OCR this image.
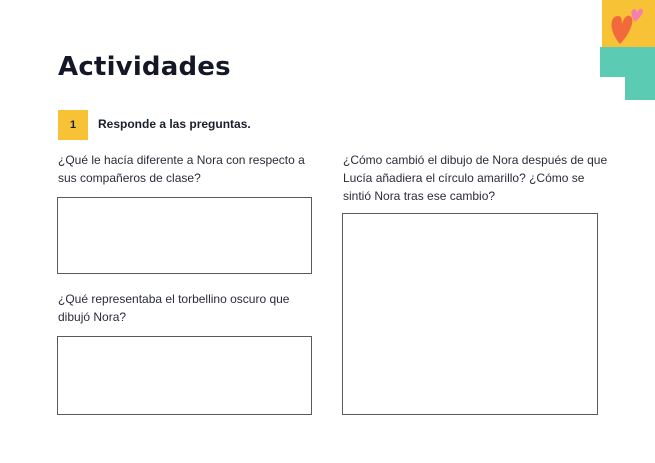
Actividades
1 Responde a las preguntas.
¿Qué le hacía diferente a Nora con respecto a
sus compañeros de clase?
¿Qué representaba el torbellino oscuro que
dibujó Nora?
¿Cómo cambió el dibujo de Nora después de que
Lucía añadiera el círculo amarillo? ¿Cómo se
sintió Nora tras ese cambio?
